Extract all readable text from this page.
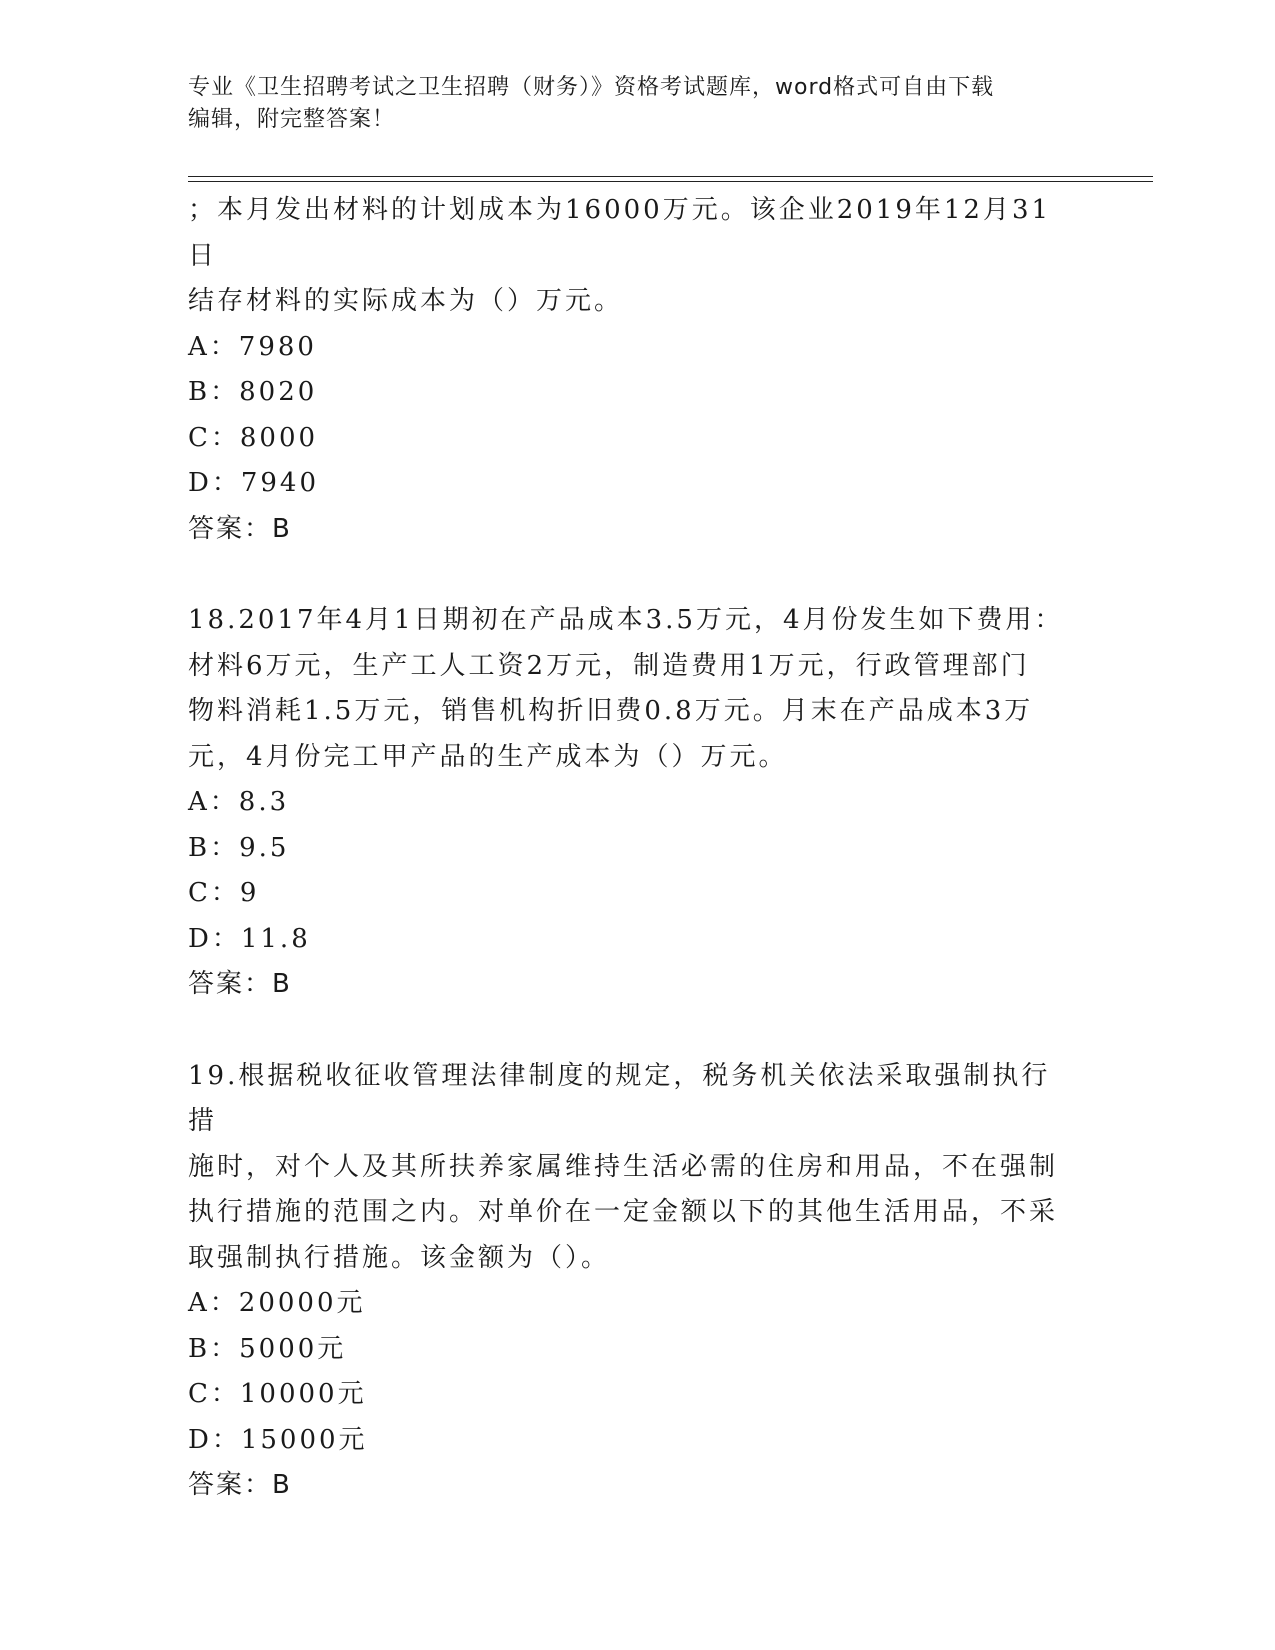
专业《卫生招聘考试之卫生招聘（财务）》资格考试题库，word格式可自由下载
编辑，附完整答案！

；本月发出材料的计划成本为16000万元。该企业2019年12月31日

结存材料的实际成本为（）万元。

A：7980

B：8020

C：8000

D：7940

答案：B

18.2017年4月1日期初在产品成本3.5万元，4月份发生如下费用：

材料6万元，生产工人工资2万元，制造费用1万元，行政管理部门

物料消耗1.5万元，销售机构折旧费0.8万元。月末在产品成本3万

元，4月份完工甲产品的生产成本为（）万元。

A：8.3

B：9.5

C：9

D：11.8

答案：B

19.根据税收征收管理法律制度的规定，税务机关依法采取强制执行措

施时，对个人及其所扶养家属维持生活必需的住房和用品，不在强制

执行措施的范围之内。对单价在一定金额以下的其他生活用品，不采

取强制执行措施。该金额为（）。

A：20000元

B：5000元

C：10000元

D：15000元

答案：B
